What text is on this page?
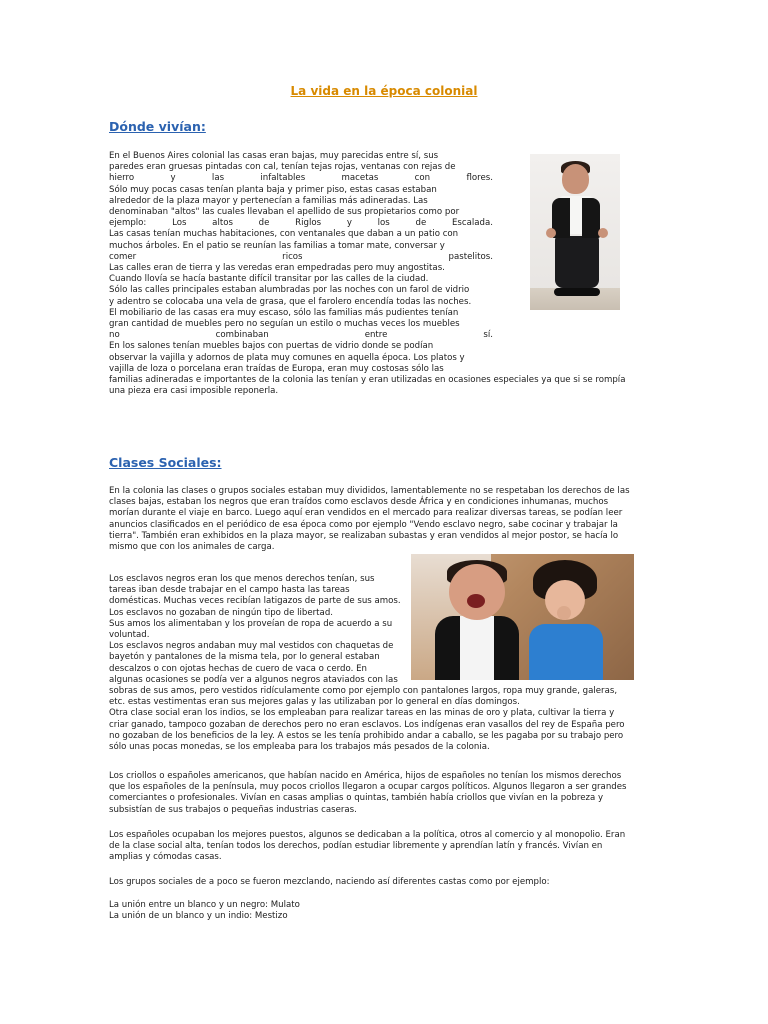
La vida en la época colonial
Dónde vivían:
En el Buenos Aires colonial las casas eran bajas, muy parecidas entre sí, sus
paredes eran gruesas pintadas con cal, tenían tejas rojas, ventanas con rejas de
hierro y las infaltables macetas con flores.
Sólo muy pocas casas tenían planta baja y primer piso, estas casas estaban
alrededor de la plaza mayor y pertenecían a familias más adineradas. Las
denominaban "altos" las cuales llevaban el apellido de sus propietarios como por
ejemplo: Los altos de Riglos y los de Escalada.
Las casas tenían muchas habitaciones, con ventanales que daban a un patio con
muchos árboles. En el patio se reunían las familias a tomar mate, conversar y
comer ricos pastelitos.
Las calles eran de tierra y las veredas eran empedradas pero muy angostitas.
Cuando llovía se hacía bastante difícil transitar por las calles de la ciudad.
Sólo las calles principales estaban alumbradas por las noches con un farol de vidrio
y adentro se colocaba una vela de grasa, que el farolero encendía todas las noches.
El mobiliario de las casas era muy escaso, sólo las familias más pudientes tenían
gran cantidad de muebles pero no seguían un estilo o muchas veces los muebles
no combinaban entre sí.
En los salones tenían muebles bajos con puertas de vidrio donde se podían
observar la vajilla y adornos de plata muy comunes en aquella época. Los platos y
vajilla de loza o porcelana eran traídas de Europa, eran muy costosas sólo las
familias adineradas e importantes de la colonia las tenían y eran utilizadas en ocasiones especiales ya que si se rompía
una pieza era casi imposible reponerla.
Clases Sociales:
En la colonia las clases o grupos sociales estaban muy divididos, lamentablemente no se respetaban los derechos de las
clases bajas, estaban los negros que eran traídos como esclavos desde África y en condiciones inhumanas, muchos
morían durante el viaje en barco. Luego aquí eran vendidos en el mercado para realizar diversas tareas, se podían leer
anuncios clasificados en el periódico de esa época como por ejemplo "Vendo esclavo negro, sabe cocinar y trabajar la
tierra". También eran exhibidos en la plaza mayor, se realizaban subastas y eran vendidos al mejor postor, se hacía lo
mismo que con los animales de carga.
Los esclavos negros eran los que menos derechos tenían, sus
tareas iban desde trabajar en el campo hasta las tareas
domésticas. Muchas veces recibían latigazos de parte de sus amos.
Los esclavos no gozaban de ningún tipo de libertad.
Sus amos los alimentaban y los proveían de ropa de acuerdo a su
voluntad.
Los esclavos negros andaban muy mal vestidos con chaquetas de
bayetón y pantalones de la misma tela, por lo general estaban
descalzos o con ojotas hechas de cuero de vaca o cerdo. En
algunas ocasiones se podía ver a algunos negros ataviados con las
sobras de sus amos, pero vestidos ridículamente como por ejemplo con pantalones largos, ropa muy grande, galeras,
etc. estas vestimentas eran sus mejores galas y las utilizaban por lo general en días domingos.
Otra clase social eran los indios, se los empleaban para realizar tareas en las minas de oro y plata, cultivar la tierra y
criar ganado, tampoco gozaban de derechos pero no eran esclavos. Los indígenas eran vasallos del rey de España pero
no gozaban de los beneficios de la ley. A estos se les tenía prohibido andar a caballo, se les pagaba por su trabajo pero
sólo unas pocas monedas, se los empleaba para los trabajos más pesados de la colonia.
Los criollos o españoles americanos, que habían nacido en América, hijos de españoles no tenían los mismos derechos
que los españoles de la península, muy pocos criollos llegaron a ocupar cargos políticos. Algunos llegaron a ser grandes
comerciantes o profesionales. Vivían en casas amplias o quintas, también había criollos que vivían en la pobreza y
subsistían de sus trabajos o pequeñas industrias caseras.
Los españoles ocupaban los mejores puestos, algunos se dedicaban a la política, otros al comercio y al monopolio. Eran
de la clase social alta, tenían todos los derechos, podían estudiar libremente y aprendían latín y francés. Vivían en
amplias y cómodas casas.
Los grupos sociales de a poco se fueron mezclando, naciendo así diferentes castas como por ejemplo:
La unión entre un blanco y un negro: Mulato
La unión de un blanco y un indio: Mestizo
